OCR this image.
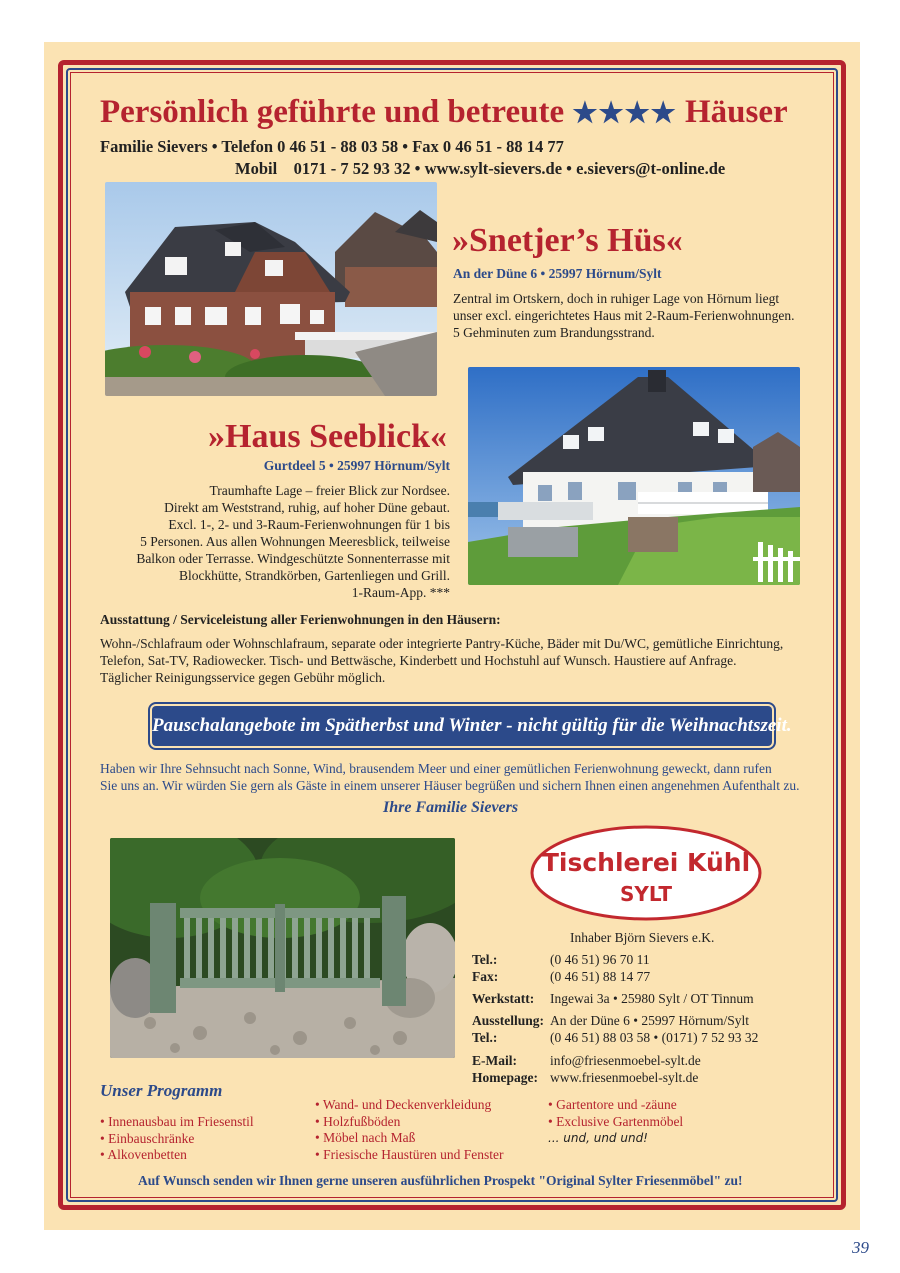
Persönlich geführte und betreute ★★★★ Häuser
Familie Sievers • Telefon 0 46 51 - 88 03 58 • Fax 0 46 51 - 88 14 77
Mobil    0171 - 7 52 93 32 • www.sylt-sievers.de • e.sievers@t-online.de
»Snetjer’s Hüs«
An der Düne 6 • 25997 Hörnum/Sylt
Zentral im Ortskern, doch in ruhiger Lage von Hörnum liegt
unser excl. eingerichtetes Haus mit 2-Raum-Ferienwohnungen.
5 Gehminuten zum Brandungsstrand.
»Haus Seeblick«
Gurtdeel 5 • 25997 Hörnum/Sylt
Traumhafte Lage – freier Blick zur Nordsee.
Direkt am Weststrand, ruhig, auf hoher Düne gebaut.
Excl. 1-, 2- und 3-Raum-Ferienwohnungen für 1 bis
5 Personen. Aus allen Wohnungen Meeresblick, teilweise
Balkon oder Terrasse. Windgeschützte Sonnenterrasse mit
Blockhütte, Strandkörben, Gartenliegen und Grill.
1-Raum-App. ***
Ausstattung / Serviceleistung aller Ferienwohnungen in den Häusern:
Wohn-/Schlafraum oder Wohnschlafraum, separate oder integrierte Pantry-Küche, Bäder mit Du/WC, gemütliche Einrichtung,
Telefon, Sat-TV, Radiowecker. Tisch- und Bettwäsche, Kinderbett und Hochstuhl auf Wunsch. Haustiere auf Anfrage.
Täglicher Reinigungsservice gegen Gebühr möglich.
Pauschalangebote im Spätherbst und Winter - nicht gültig für die Weihnachtszeit.
Haben wir Ihre Sehnsucht nach Sonne, Wind, brausendem Meer und einer gemütlichen Ferienwohnung geweckt, dann rufen
Sie uns an. Wir würden Sie gern als Gäste in einem unserer Häuser begrüßen und sichern Ihnen einen angenehmen Aufenthalt zu.
Ihre Familie Sievers
Tischlerei Kühl
SYLT
Inhaber Björn Sievers e.K.
Tel.:	(0 46 51) 96 70 11
Fax:	(0 46 51) 88 14 77
Werkstatt: Ingewai 3a • 25980 Sylt / OT Tinnum
Ausstellung: An der Düne 6 • 25997 Hörnum/Sylt
Tel.:	(0 46 51) 88 03 58 • (0171) 7 52 93 32
E-Mail: info@friesenmoebel-sylt.de
Homepage: www.friesenmoebel-sylt.de
Unser Programm
• Innenausbau im Friesenstil
• Einbauschränke
• Alkovenbetten
• Wand- und Deckenverkleidung
• Holzfußböden
• Möbel nach Maß
• Friesische Haustüren und Fenster
• Gartentore und -zäune
• Exclusive Gartenmöbel
... und, und und!
Auf Wunsch senden wir Ihnen gerne unseren ausführlichen Prospekt "Original Sylter Friesenmöbel" zu!
39
